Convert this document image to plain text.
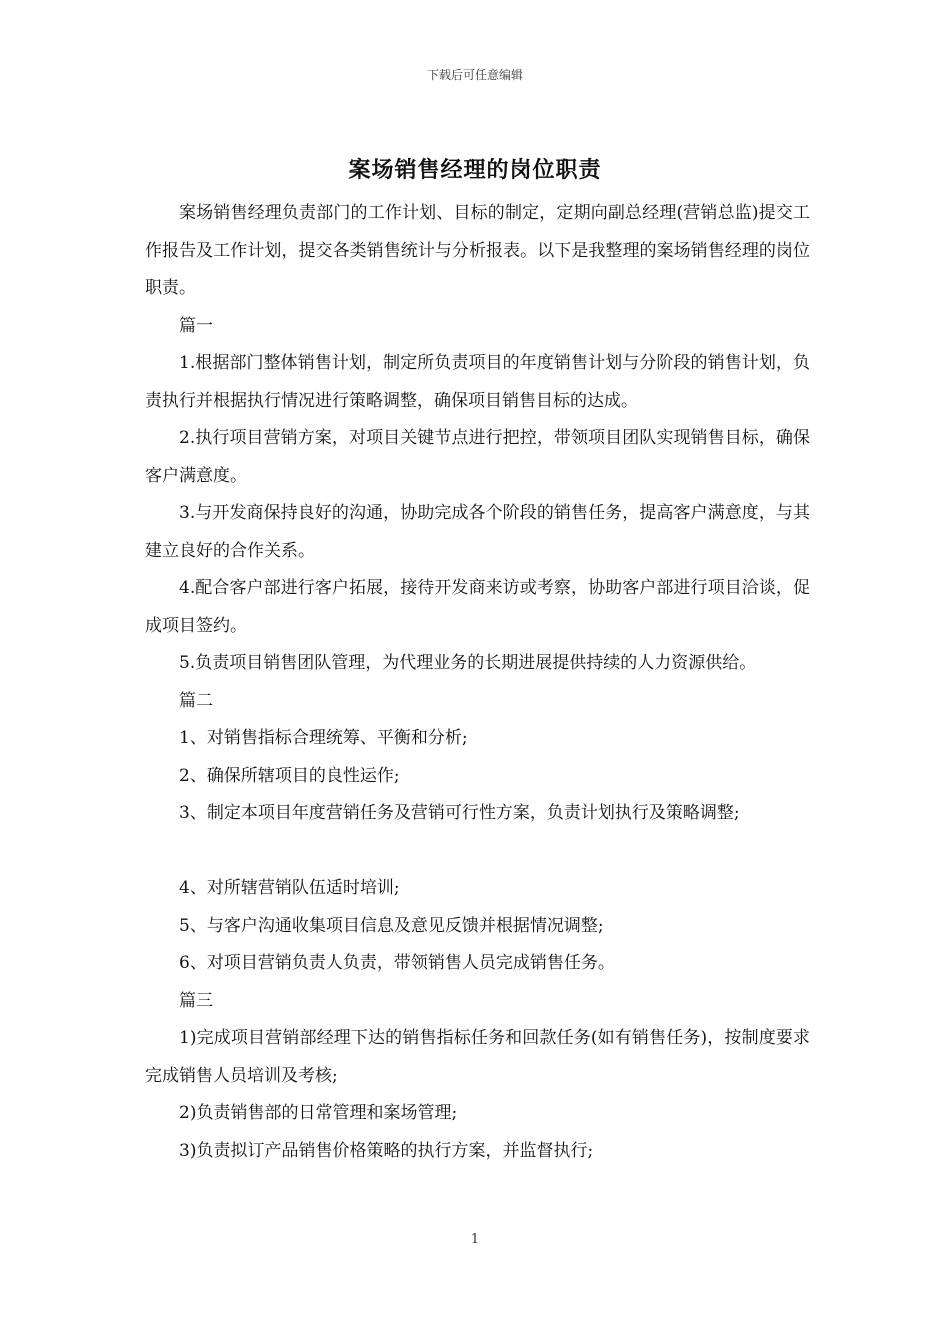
下载后可任意编辑
案场销售经理的岗位职责

案场销售经理负责部门的工作计划、目标的制定，定期向副总经理(营销总监)提交工作报告及工作计划，提交各类销售统计与分析报表。以下是我整理的案场销售经理的岗位职责。

篇一

1.根据部门整体销售计划，制定所负责项目的年度销售计划与分阶段的销售计划，负责执行并根据执行情况进行策略调整，确保项目销售目标的达成。

2.执行项目营销方案，对项目关键节点进行把控，带领项目团队实现销售目标，确保客户满意度。

3.与开发商保持良好的沟通，协助完成各个阶段的销售任务，提高客户满意度，与其建立良好的合作关系。

4.配合客户部进行客户拓展，接待开发商来访或考察，协助客户部进行项目洽谈，促成项目签约。

5.负责项目销售团队管理，为代理业务的长期进展提供持续的人力资源供给。

篇二

1、对销售指标合理统筹、平衡和分析;

2、确保所辖项目的良性运作;

3、制定本项目年度营销任务及营销可行性方案，负责计划执行及策略调整;

4、对所辖营销队伍适时培训;

5、与客户沟通收集项目信息及意见反馈并根据情况调整;

6、对项目营销负责人负责，带领销售人员完成销售任务。

篇三

1)完成项目营销部经理下达的销售指标任务和回款任务(如有销售任务)，按制度要求完成销售人员培训及考核;

2)负责销售部的日常管理和案场管理;

3)负责拟订产品销售价格策略的执行方案，并监督执行;

1
